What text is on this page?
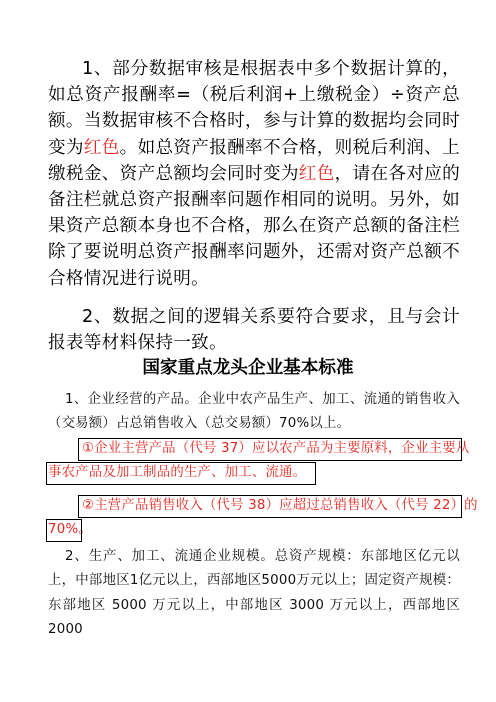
1、部分数据审核是根据表中多个数据计算的，如总资产报酬率=（税后利润+上缴税金）÷资产总额。当数据审核不合格时，参与计算的数据均会同时变为红色。如总资产报酬率不合格，则税后利润、上缴税金、资产总额均会同时变为红色，请在各对应的备注栏就总资产报酬率问题作相同的说明。另外，如果资产总额本身也不合格，那么在资产总额的备注栏除了要说明总资产报酬率问题外，还需对资产总额不合格情况进行说明。

2、数据之间的逻辑关系要符合要求，且与会计报表等材料保持一致。

国家重点龙头企业基本标准

1、企业经营的产品。企业中农产品生产、加工、流通的销售收入（交易额）占总销售收入（总交易额）70%以上。

①企业主营产品（代号 37）应以农产品为主要原料，企业主要从
事农产品及加工制品的生产、加工、流通。
②主营产品销售收入（代号 38）应超过总销售收入（代号 22）的
70%。

2、生产、加工、流通企业规模。总资产规模：东部地区亿元以上，中部地区1亿元以上，西部地区5000万元以上；固定资产规模：东部地区 5000 万元以上，中部地区 3000 万元以上，西部地区 2000
